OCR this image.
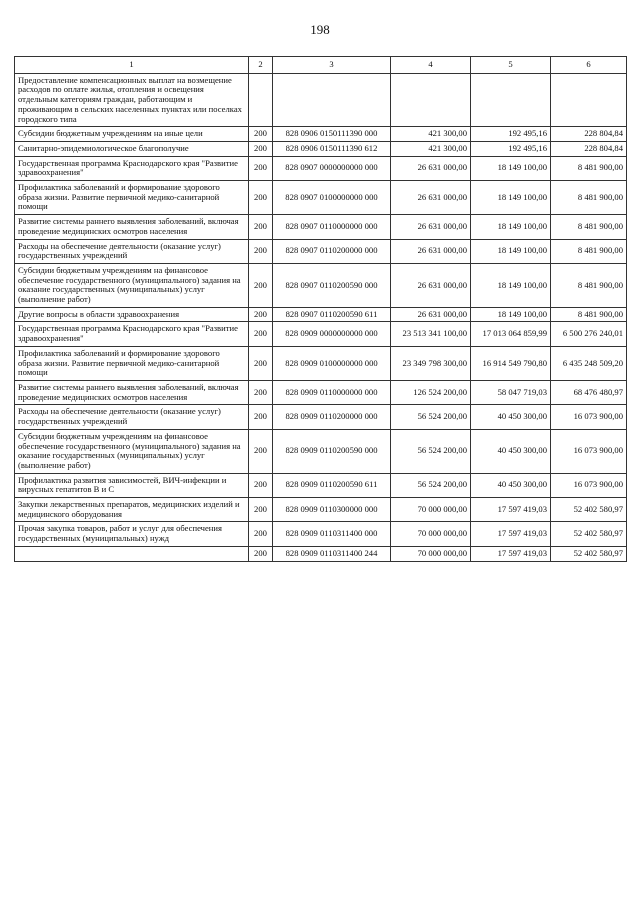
198
1	2	3	4	5	6
Предоставление компенсационных выплат на возмещение расходов по оплате жилья, отопления и освещения отдельным категориям граждан, работающим и проживающим в сельских населенных пунктах или поселках городского типа					
Субсидии бюджетным учреждениям на иные цели	200	828 0906 0150111390 000	421 300,00	192 495,16	228 804,84
Санитарно-эпидемиологическое благополучие	200	828 0906 0150111390 612	421 300,00	192 495,16	228 804,84
Государственная программа Краснодарского края "Развитие здравоохранения"	200	828 0907 0000000000 000	26 631 000,00	18 149 100,00	8 481 900,00
Профилактика заболеваний и формирование здорового образа жизни. Развитие первичной медико-санитарной помощи	200	828 0907 0100000000 000	26 631 000,00	18 149 100,00	8 481 900,00
Развитие системы раннего выявления заболеваний, включая проведение медицинских осмотров населения	200	828 0907 0110000000 000	26 631 000,00	18 149 100,00	8 481 900,00
Расходы на обеспечение деятельности (оказание услуг) государственных учреждений	200	828 0907 0110200000 000	26 631 000,00	18 149 100,00	8 481 900,00
Субсидии бюджетным учреждениям на финансовое обеспечение государственного (муниципального) задания на оказание государственных (муниципальных) услуг (выполнение работ)	200	828 0907 0110200590 000	26 631 000,00	18 149 100,00	8 481 900,00
Другие вопросы в области здравоохранения	200	828 0907 0110200590 611	26 631 000,00	18 149 100,00	8 481 900,00
Государственная программа Краснодарского края "Развитие здравоохранения"	200	828 0909 0000000000 000	23 513 341 100,00	17 013 064 859,99	6 500 276 240,01
Профилактика заболеваний и формирование здорового образа жизни. Развитие первичной медико-санитарной помощи	200	828 0909 0100000000 000	23 349 798 300,00	16 914 549 790,80	6 435 248 509,20
Развитие системы раннего выявления заболеваний, включая проведение медицинских осмотров населения	200	828 0909 0110000000 000	126 524 200,00	58 047 719,03	68 476 480,97
Расходы на обеспечение деятельности (оказание услуг) государственных учреждений	200	828 0909 0110200000 000	56 524 200,00	40 450 300,00	16 073 900,00
Субсидии бюджетным учреждениям на финансовое обеспечение государственного (муниципального) задания на оказание государственных (муниципальных) услуг (выполнение работ)	200	828 0909 0110200590 000	56 524 200,00	40 450 300,00	16 073 900,00
Профилактика развития зависимостей, ВИЧ-инфекции и вирусных гепатитов В и С	200	828 0909 0110200590 611	56 524 200,00	40 450 300,00	16 073 900,00
Закупки лекарственных препаратов, медицинских изделий и медицинского оборудования	200	828 0909 0110300000 000	70 000 000,00	17 597 419,03	52 402 580,97
Прочая закупка товаров, работ и услуг для обеспечения государственных (муниципальных) нужд	200	828 0909 0110311400 000	70 000 000,00	17 597 419,03	52 402 580,97
	200	828 0909 0110311400 244	70 000 000,00	17 597 419,03	52 402 580,97
